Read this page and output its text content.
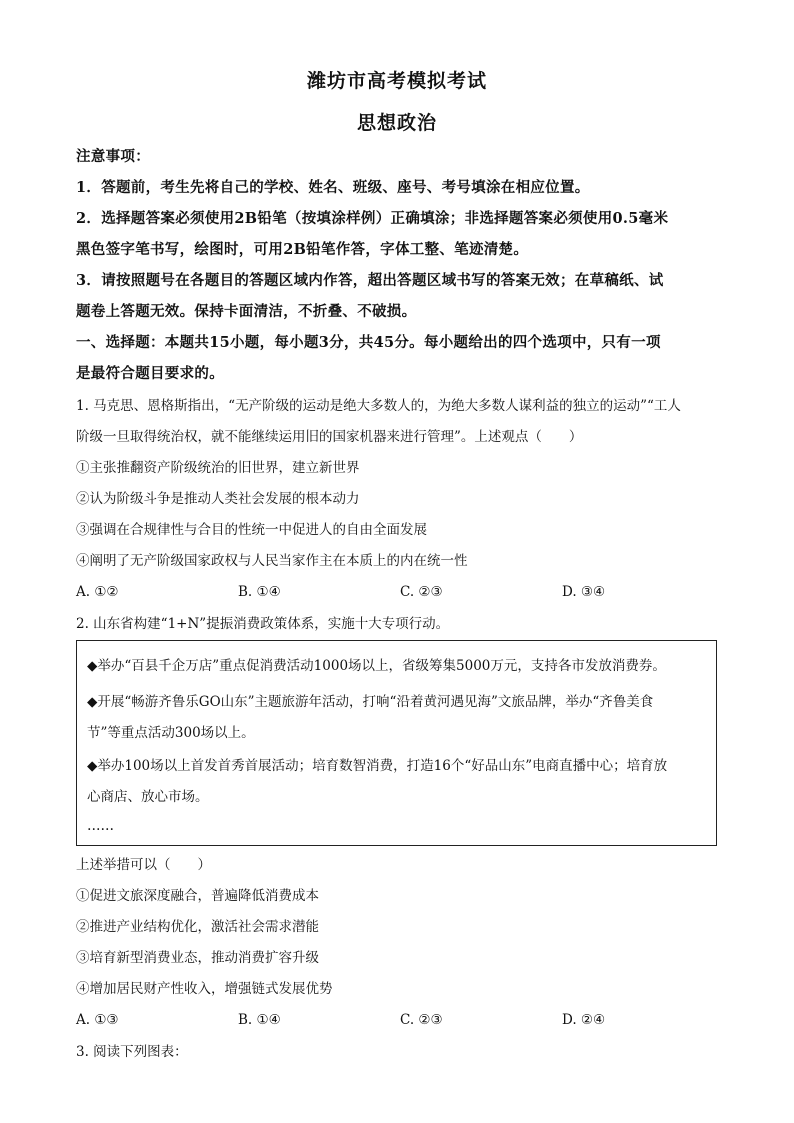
潍坊市高考模拟考试
思想政治
注意事项：
1．答题前，考生先将自己的学校、姓名、班级、座号、考号填涂在相应位置。
2．选择题答案必须使用2B铅笔（按填涂样例）正确填涂；非选择题答案必须使用0.5毫米
黑色签字笔书写，绘图时，可用2B铅笔作答，字体工整、笔迹清楚。
3．请按照题号在各题目的答题区域内作答，超出答题区域书写的答案无效；在草稿纸、试
题卷上答题无效。保持卡面清洁，不折叠、不破损。
一、选择题：本题共15小题，每小题3分，共45分。每小题给出的四个选项中，只有一项
是最符合题目要求的。
1. 马克思、恩格斯指出，“无产阶级的运动是绝大多数人的，为绝大多数人谋利益的独立的运动”“工人
阶级一旦取得统治权，就不能继续运用旧的国家机器来进行管理”。上述观点（　　）
①主张推翻资产阶级统治的旧世界，建立新世界
②认为阶级斗争是推动人类社会发展的根本动力
③强调在合规律性与合目的性统一中促进人的自由全面发展
④阐明了无产阶级国家政权与人民当家作主在本质上的内在统一性
A. ①②	B. ①④	C. ②③	D. ③④
2. 山东省构建“1+N”提振消费政策体系，实施十大专项行动。
◆举办“百县千企万店”重点促消费活动1000场以上，省级筹集5000万元，支持各市发放消费券。
◆开展“畅游齐鲁乐GO山东”主题旅游年活动，打响“沿着黄河遇见海”文旅品牌，举办“齐鲁美食
节”等重点活动300场以上。
◆举办100场以上首发首秀首展活动；培育数智消费，打造16个“好品山东”电商直播中心；培育放
心商店、放心市场。
……
上述举措可以（　　）
①促进文旅深度融合，普遍降低消费成本
②推进产业结构优化，激活社会需求潜能
③培育新型消费业态，推动消费扩容升级
④增加居民财产性收入，增强链式发展优势
A. ①③	B. ①④	C. ②③	D. ②④
3. 阅读下列图表：
